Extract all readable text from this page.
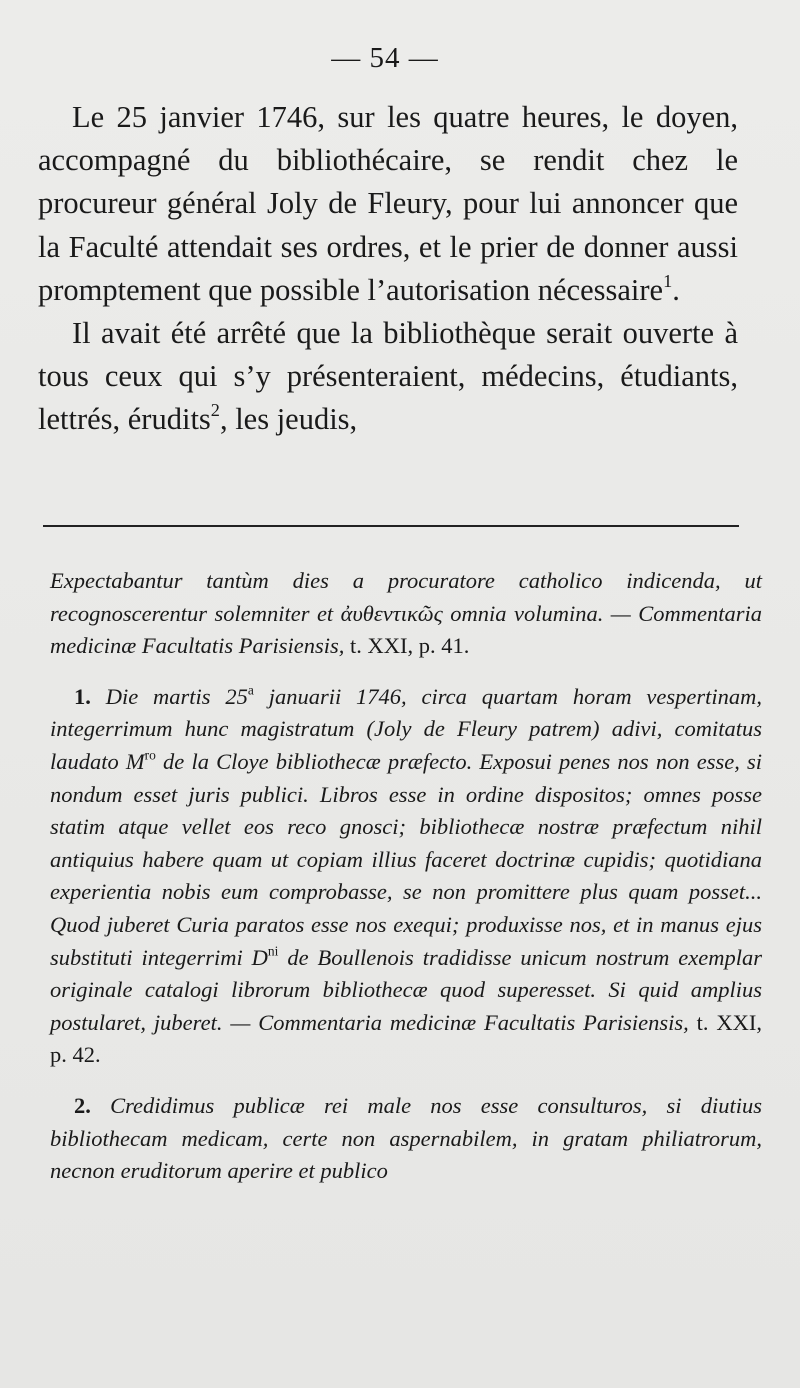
— 54 —

Le 25 janvier 1746, sur les quatre heures, le doyen, accompagné du bibliothécaire, se rendit chez le procureur général Joly de Fleury, pour lui annoncer que la Faculté attendait ses ordres, et le prier de donner aussi promptement que possible l’autorisation nécessaire$^1$.

Il avait été arrêté que la bibliothèque serait ouverte à tous ceux qui s’y présenteraient, médecins, étudiants, lettrés, érudits$^2$, les jeudis,

Expectabantur tantùm dies a procuratore catholico indicenda, ut recognoscerentur solemniter et ἀυθεντικῶς omnia volumina. — Commentaria medicinæ Facultatis Parisiensis, t. XXI, p. 41.

1. Die martis 25$^a$ januarii 1746, circa quartam horam vespertinam, integerrimum hunc magistratum (Joly de Fleury patrem) adivi, comitatus laudato $M^{ro}$ de la Cloye bibliothecæ præfecto. Exposui penes nos non esse, si nondum esset juris publici. Libros esse in ordine dispositos; omnes posse statim atque vellet eos reco gnosci; bibliothecæ nostræ præfectum nihil antiquius habere quam ut copiam illius faceret doctrinæ cupidis; quotidiana experientia nobis eum comprobasse, se non promittere plus quam posset... Quod juberet Curia paratos esse nos exequi; produxisse nos, et in manus ejus substituti integerrimi $D^{ni}$ de Boullenois tradidisse unicum nostrum exemplar originale catalogi librorum bibliothecæ quod superesset. Si quid amplius postularet, juberet. — Commentaria medicinæ Facultatis Parisiensis, t. XXI, p. 42.

2. Credidimus publicæ rei male nos esse consulturos, si diutius bibliothecam medicam, certe non aspernabilem, in gratam philiatrorum, necnon eruditorum aperire et publico
